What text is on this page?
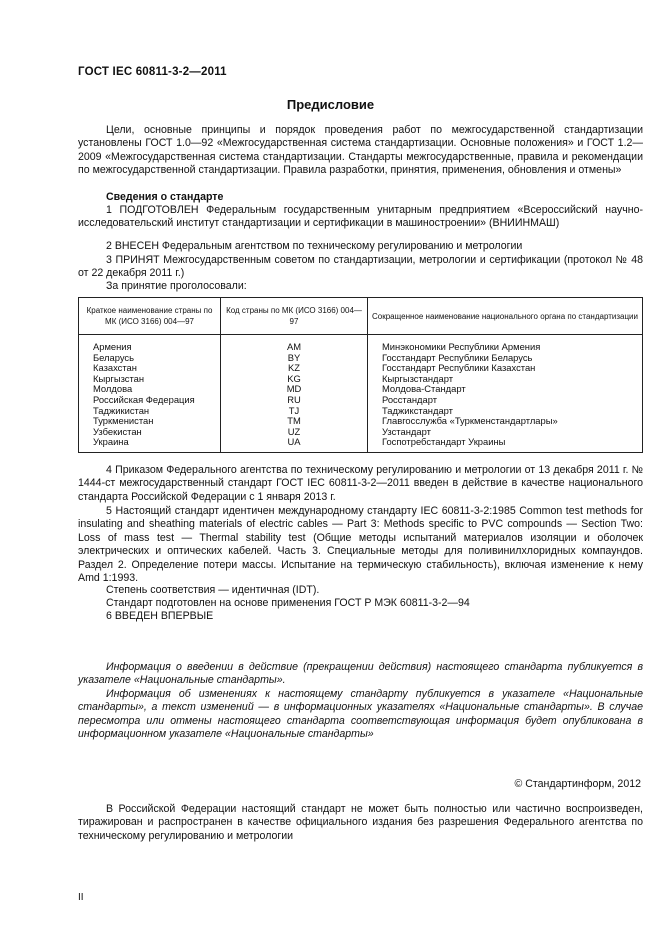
ГОСТ IEC 60811-3-2—2011
Предисловие

Цели, основные принципы и порядок проведения работ по межгосударственной стандартизации установлены ГОСТ 1.0—92 «Межгосударственная система стандартизации. Основные положения» и ГОСТ 1.2—2009 «Межгосударственная система стандартизации. Стандарты межгосударственные, правила и рекомендации по межгосударственной стандартизации. Правила разработки, принятия, применения, обновления и отмены»

Сведения о стандарте

1 ПОДГОТОВЛЕН Федеральным государственным унитарным предприятием «Всероссийский научно-исследовательский институт стандартизации и сертификации в машиностроении» (ВНИИНМАШ)

2 ВНЕСЕН Федеральным агентством по техническому регулированию и метрологии

3 ПРИНЯТ Межгосударственным советом по стандартизации, метрологии и сертификации (протокол № 48 от 22 декабря 2011 г.)

За принятие проголосовали:

Краткое наименование страны по МК (ИСО 3166) 004—97	Код страны по МК (ИСО 3166) 004—97	Сокращенное наименование национального органа по стандартизации
Армения	AM	Минэкономики Республики Армения
Беларусь	BY	Госстандарт Республики Беларусь
Казахстан	KZ	Госстандарт Республики Казахстан
Кыргызстан	KG	Кыргызстандарт
Молдова	MD	Молдова-Стандарт
Российская Федерация	RU	Росстандарт
Таджикистан	TJ	Таджикстандарт
Туркменистан	TM	Главгосслужба «Туркменстандартлары»
Узбекистан	UZ	Узстандарт
Украина	UA	Госпотребстандарт Украины

4 Приказом Федерального агентства по техническому регулированию и метрологии от 13 декабря 2011 г. № 1444-ст межгосударственный стандарт ГОСТ IEC 60811-3-2—2011 введен в действие в качестве национального стандарта Российской Федерации с 1 января 2013 г.

5 Настоящий стандарт идентичен международному стандарту IEC 60811-3-2:1985 Common test methods for insulating and sheathing materials of electric cables — Part 3: Methods specific to PVC compounds — Section Two: Loss of mass test — Thermal stability test (Общие методы испытаний материалов изоляции и оболочек электрических и оптических кабелей. Часть 3. Специальные методы для поливинилхлоридных компаундов. Раздел 2. Определение потери массы. Испытание на термическую стабильность), включая изменение к нему Amd 1:1993.

Степень соответствия — идентичная (IDT).

Стандарт подготовлен на основе применения ГОСТ Р МЭК 60811-3-2—94

6 ВВЕДЕН ВПЕРВЫЕ

Информация о введении в действие (прекращении действия) настоящего стандарта публикуется в указателе «Национальные стандарты».

Информация об изменениях к настоящему стандарту публикуется в указателе «Национальные стандарты», а текст изменений — в информационных указателях «Национальные стандарты». В случае пересмотра или отмены настоящего стандарта соответствующая информация будет опубликована в информационном указателе «Национальные стандарты»

© Стандартинформ, 2012

В Российской Федерации настоящий стандарт не может быть полностью или частично воспроизведен, тиражирован и распространен в качестве официального издания без разрешения Федерального агентства по техническому регулированию и метрологии

II
